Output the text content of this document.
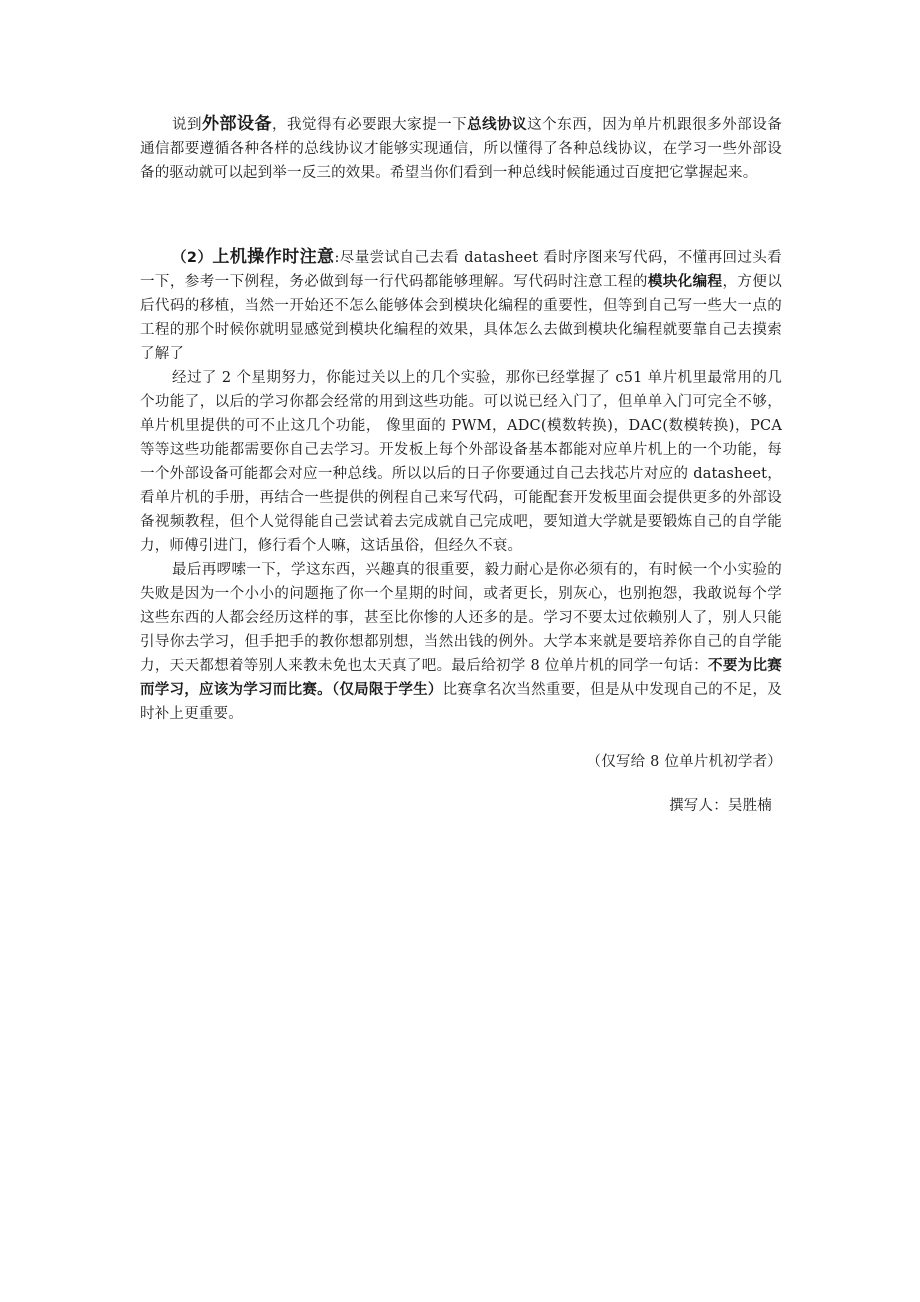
说到外部设备，我觉得有必要跟大家提一下总线协议这个东西，因为单片机跟很多外部设备通信都要遵循各种各样的总线协议才能够实现通信，所以懂得了各种总线协议，在学习一些外部设备的驱动就可以起到举一反三的效果。希望当你们看到一种总线时候能通过百度把它掌握起来。

（2）上机操作时注意:尽量尝试自己去看 datasheet 看时序图来写代码，不懂再回过头看一下，参考一下例程，务必做到每一行代码都能够理解。写代码时注意工程的模块化编程，方便以后代码的移植，当然一开始还不怎么能够体会到模块化编程的重要性，但等到自己写一些大一点的工程的那个时候你就明显感觉到模块化编程的效果，具体怎么去做到模块化编程就要靠自己去摸索了解了

经过了 2 个星期努力，你能过关以上的几个实验，那你已经掌握了 c51 单片机里最常用的几个功能了，以后的学习你都会经常的用到这些功能。可以说已经入门了，但单单入门可完全不够，单片机里提供的可不止这几个功能， 像里面的 PWM，ADC(模数转换)，DAC(数模转换)，PCA 等等这些功能都需要你自己去学习。开发板上每个外部设备基本都能对应单片机上的一个功能，每一个外部设备可能都会对应一种总线。所以以后的日子你要通过自己去找芯片对应的 datasheet，看单片机的手册，再结合一些提供的例程自己来写代码，可能配套开发板里面会提供更多的外部设备视频教程，但个人觉得能自己尝试着去完成就自己完成吧，要知道大学就是要锻炼自己的自学能力，师傅引进门，修行看个人嘛，这话虽俗，但经久不衰。

最后再啰嗦一下，学这东西，兴趣真的很重要，毅力耐心是你必须有的，有时候一个小实验的失败是因为一个小小的问题拖了你一个星期的时间，或者更长，别灰心，也别抱怨，我敢说每个学这些东西的人都会经历这样的事，甚至比你惨的人还多的是。学习不要太过依赖别人了，别人只能引导你去学习，但手把手的教你想都别想，当然出钱的例外。大学本来就是要培养你自己的自学能力，天天都想着等别人来教未免也太天真了吧。最后给初学 8 位单片机的同学一句话：不要为比赛而学习，应该为学习而比赛。（仅局限于学生）比赛拿名次当然重要，但是从中发现自己的不足，及时补上更重要。

（仅写给 8 位单片机初学者）

撰写人：吴胜楠
